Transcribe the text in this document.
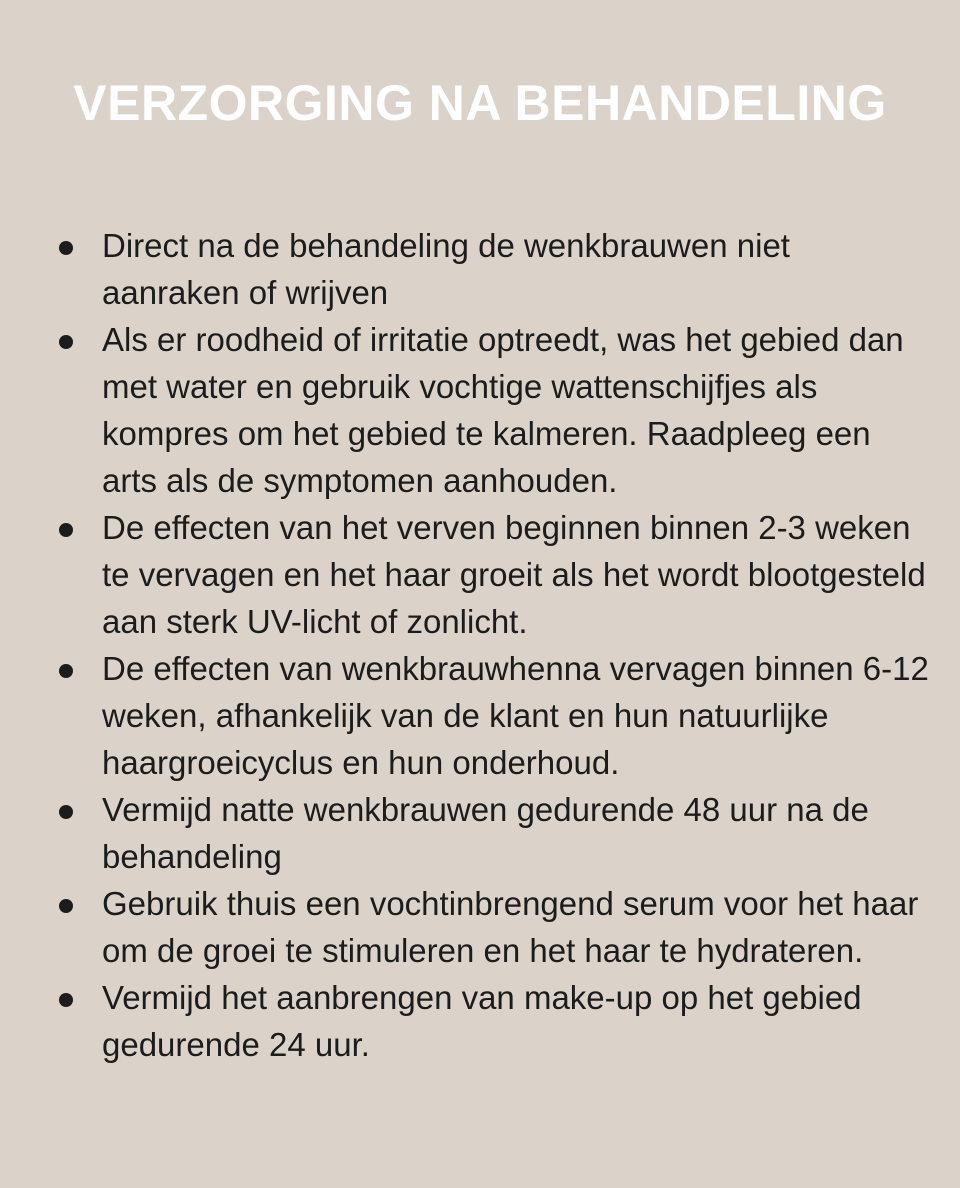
VERZORGING NA BEHANDELING
Direct na de behandeling de wenkbrauwen niet aanraken of wrijven
Als er roodheid of irritatie optreedt, was het gebied dan met water en gebruik vochtige wattenschijfjes als kompres om het gebied te kalmeren. Raadpleeg een arts als de symptomen aanhouden.
De effecten van het verven beginnen binnen 2-3 weken te vervagen en het haar groeit als het wordt blootgesteld aan sterk UV-licht of zonlicht.
De effecten van wenkbrauwhenna vervagen binnen 6-12 weken, afhankelijk van de klant en hun natuurlijke haargroeicyclus en hun onderhoud.
Vermijd natte wenkbrauwen gedurende 48 uur na de behandeling
Gebruik thuis een vochtinbrengend serum voor het haar om de groei te stimuleren en het haar te hydrateren.
Vermijd het aanbrengen van make-up op het gebied gedurende 24 uur.
